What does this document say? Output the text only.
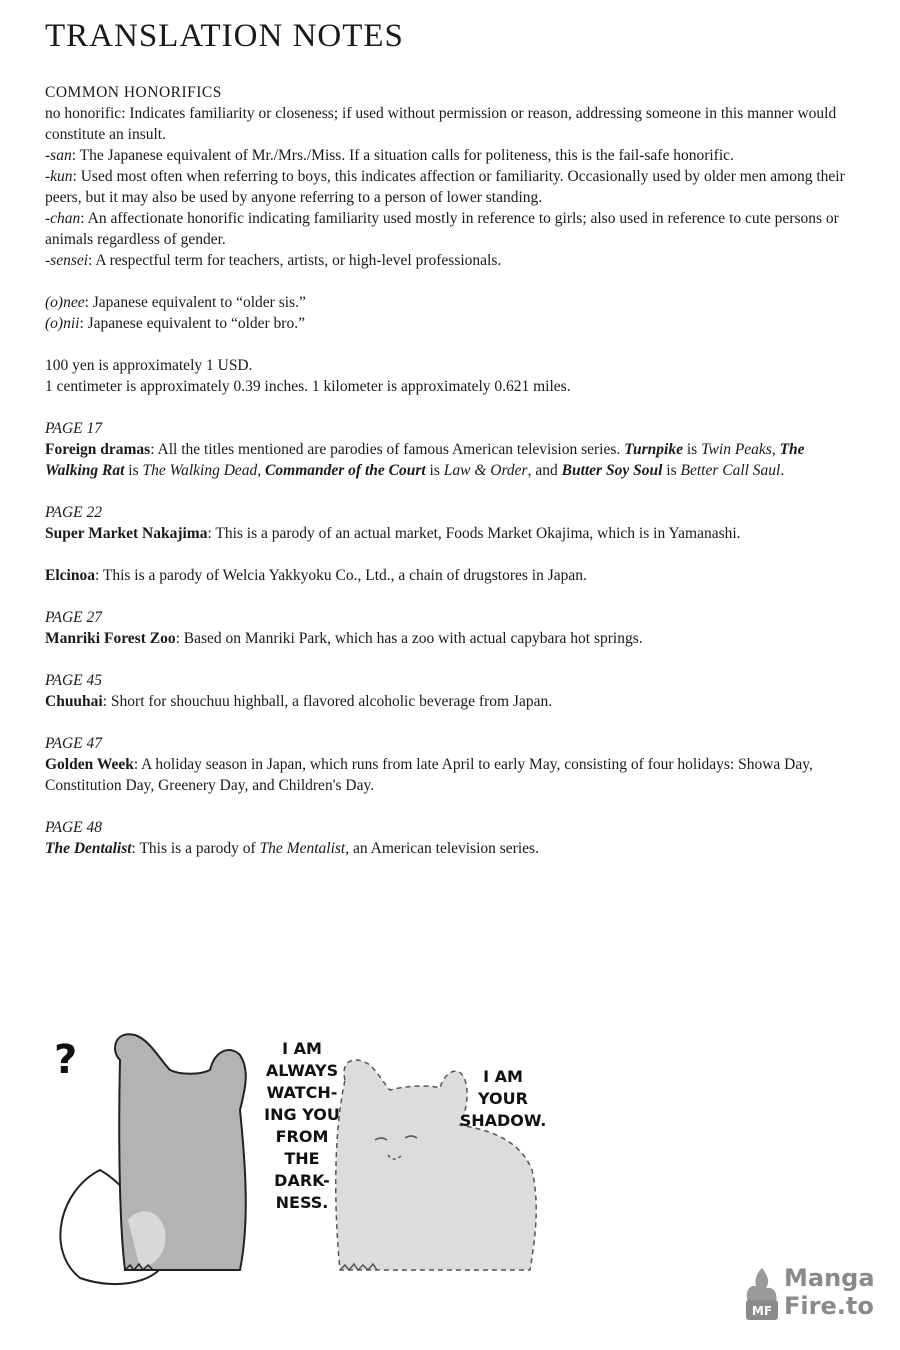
TRANSLATION NOTES

COMMON HONORIFICS

no honorific: Indicates familiarity or closeness; if used without permission or reason, addressing someone in this manner would constitute an insult.

-san: The Japanese equivalent of Mr./Mrs./Miss. If a situation calls for politeness, this is the fail-safe honorific.

-kun: Used most often when referring to boys, this indicates affection or familiarity. Occasionally used by older men among their peers, but it may also be used by anyone referring to a person of lower standing.

-chan: An affectionate honorific indicating familiarity used mostly in reference to girls; also used in reference to cute persons or animals regardless of gender.

-sensei: A respectful term for teachers, artists, or high-level professionals.

(o)nee: Japanese equivalent to “older sis.”

(o)nii: Japanese equivalent to “older bro.”

100 yen is approximately 1 USD.

1 centimeter is approximately 0.39 inches. 1 kilometer is approximately 0.621 miles.

PAGE 17

Foreign dramas: All the titles mentioned are parodies of famous American television series. Turnpike is Twin Peaks, The Walking Rat is The Walking Dead, Commander of the Court is Law & Order, and Butter Soy Soul is Better Call Saul.

PAGE 22

Super Market Nakajima: This is a parody of an actual market, Foods Market Okajima, which is in Yamanashi.

Elcinoa: This is a parody of Welcia Yakkyoku Co., Ltd., a chain of drugstores in Japan.

PAGE 27

Manriki Forest Zoo: Based on Manriki Park, which has a zoo with actual capybara hot springs.

PAGE 45

Chuuhai: Short for shouchuu highball, a flavored alcoholic beverage from Japan.

PAGE 47

Golden Week: A holiday season in Japan, which runs from late April to early May, consisting of four holidays: Showa Day, Constitution Day, Greenery Day, and Children's Day.

PAGE 48

The Dentalist: This is a parody of The Mentalist, an American television series.

?	I AM
ALWAYS
WATCH-
ING YOU
FROM
THE
DARK-
NESS.
I AM
YOUR
SHADOW.
MF
Manga
Fire.to
